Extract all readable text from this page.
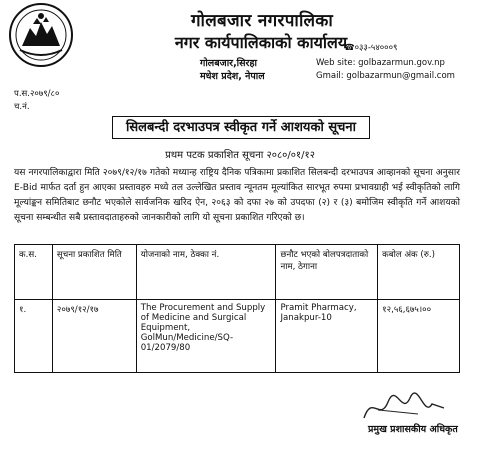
गोलबजार नगरपालिका
नगर कार्यपालिकाको कार्यालय
गोलबजार,सिरहा
मधेश प्रदेश, नेपाल
☎०३३-५४०००९
Web site: golbazarmun.gov.np
Gmail: golbazarmun@gmail.com
प.स.२०७९/८०
च.नं.
सिलबन्दी दरभाउपत्र स्वीकृत गर्ने आशयको सूचना
प्रथम पटक प्रकाशित सूचना २०८०/०१/१२
यस नगरपालिकाद्वारा मिति २०७९/१२/१७ गतेको मध्यान्ह राष्ट्रिय दैनिक पत्रिकामा प्रकाशित सिलबन्दी दरभाउपत्र आव्हानको सूचना अनुसार E-Bid मार्फत दर्ता हुन आएका प्रस्तावहरु मध्ये तल उल्लेखित प्रस्ताव न्यूनतम मूल्यांकित सारभूत रुपमा प्रभावग्राही भई स्वीकृतिको लागि मूल्यांङ्कन समितिबाट छनौट भएकोले सार्वजनिक खरिद ऐन, २०६३ को दफा २७ को उपदफा (२) र (३) बमोजिम स्वीकृति गर्ने आशयको सूचना सम्बन्धीत सबै प्रस्तावदाताहरुको जानकारीको लागि यो सूचना प्रकाशित गरिएको छ।
क.स.	सूचना प्रकाशित मिति	योजनाको नाम, ठेक्का नं.	छनौट भएको बोलपत्रदाताको नाम, ठेगाना	कबोल अंक (रु.)
१.	२०७९/१२/१७	The Procurement and Supply of Medicine and Surgical Equipment, GolMun/Medicine/SQ-01/2079/80	Pramit Pharmacy, Janakpur-10	१२,५६,६७५।००
प्रमुख प्रशासकीय अधिकृत
